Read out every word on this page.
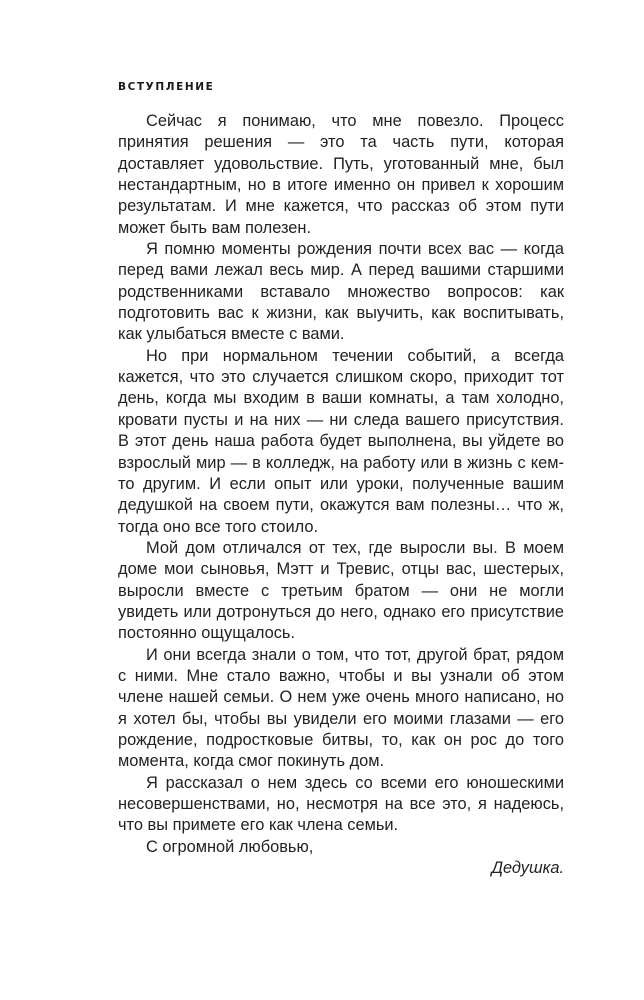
ВСТУПЛЕНИЕ

Сейчас я понимаю, что мне повезло. Процесс принятия решения — это та часть пути, которая доставляет удовольствие. Путь, уготованный мне, был нестандартным, но в итоге именно он привел к хорошим результатам. И мне кажется, что рассказ об этом пути может быть вам полезен.

Я помню моменты рождения почти всех вас — когда перед вами лежал весь мир. А перед вашими старшими родственниками вставало множество вопросов: как подготовить вас к жизни, как выучить, как воспитывать, как улыбаться вместе с вами.

Но при нормальном течении событий, а всегда кажется, что это случается слишком скоро, приходит тот день, когда мы входим в ваши комнаты, а там холодно, кровати пусты и на них — ни следа вашего присутствия. В этот день наша работа будет выполнена, вы уйдете во взрослый мир — в колледж, на работу или в жизнь с кем-то другим. И если опыт или уроки, полученные вашим дедушкой на своем пути, окажутся вам полезны… что ж, тогда оно все того стоило.

Мой дом отличался от тех, где выросли вы. В моем доме мои сыновья, Мэтт и Тревис, отцы вас, шестерых, выросли вместе с третьим братом — они не могли увидеть или дотронуться до него, однако его присутствие постоянно ощущалось.

И они всегда знали о том, что тот, другой брат, рядом с ними. Мне стало важно, чтобы и вы узнали об этом члене нашей семьи. О нем уже очень много написано, но я хотел бы, чтобы вы увидели его моими глазами — его рождение, подростковые битвы, то, как он рос до того момента, когда смог покинуть дом.

Я рассказал о нем здесь со всеми его юношескими несовершенствами, но, несмотря на все это, я надеюсь, что вы примете его как члена семьи.

С огромной любовью,

Дедушка.
